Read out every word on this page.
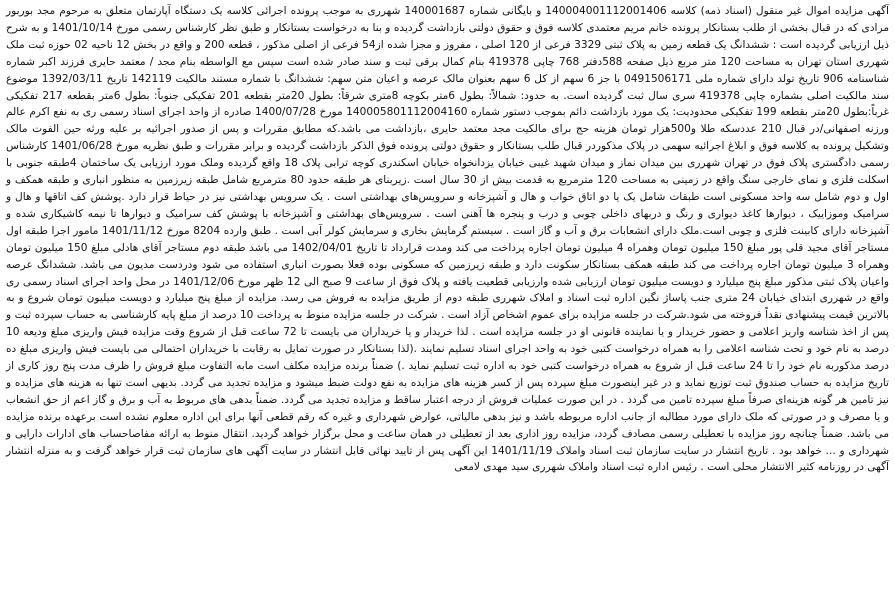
آگهی مزایده اموال غیر منقول (اسناد ذمه) کلاسه 140004001112001406 و بایگانی شماره 140001687 شهرری به موجب پرونده اجرائی کلاسه یک دستگاه آپارتمان متعلق به مرحوم مجد بوربور مرادی که در قبال بخشی از طلب بستانکار پرونده خانم مریم معتمدی کلاسه فوق و حقوق دولتی بازداشت گردیده و بنا به درخواست بستانکار و طبق نظر کارشناس رسمی مورخ 1401/10/14 و به شرح ذیل ارزیابی گردیده است : ششدانگ یک قطعه زمین به پلاک ثبتی 3329 فرعی از 120 اصلی ، مفروز و مجزا شده از54 فرعی از اصلی مذکور ، قطعه 200 و واقع در بخش 12 ناحیه 02 حوزه ثبت ملک شهرری استان تهران به مساحت 120 متر مربع ذیل صفحه 588دفتر 768 چاپی 419378 بنام کمال برقی ثبت و سند صادر شده است سپس مع الواسطه بنام مجد / معتمد حایری فرزند اکبر شماره شناسنامه 906 تاریخ تولد دارای شماره ملی 0491506171 با جز 6 سهم از کل 6 سهم بعنوان مالک عرصه و اعیان متن سهم: ششدانگ با شماره مستند مالکیت 142119 تاریخ 1392/03/11 موضوع سند مالکیت اصلی بشماره چاپی 419378 سری سال ثبت گردیده است. به حدود: شمالاً: بطول 6متر بکوچه 8متری شرقاً: بطول 20متر بقطعه 201 تفکیکی جنوباً: بطول 6متر بقطعه 217 تفکیکی غرباً:بطول 20متر بقطعه 199 تفکیکی محدودیت: یک مورد بازداشت دائم بموجب دستور شماره 140005801112004160 مورخ 1400/07/28 صادره از واحد اجرای اسناد رسمی ری به نفع اکرم عالم ورزنه اصفهانی/در قبال 210 عددسکه طلا و500هزار تومان هزینه حج برای مالکیت مجد معتمد حایری ،بازداشت می باشد.که مطابق مقررات و پس از صدور اجرائیه بر علیه ورثه حین الفوت مالک وتشکیل پرونده به کلاسه فوق و ابلاغ اجرائیه سهمی در پلاک مذکوردر قبال طلب بستانکار و حقوق دولتی پرونده فوق الذکر بازداشت گردیده و برابر مقررات و طبق نظریه مورخ 1401/06/28 کارشناس رسمی دادگستری پلاک فوق در تهران شهرری بین میدان نماز و میدان شهید غیبی خیابان یزدانخواه خیابان اسکندری کوچه ترابی پلاک 18 واقع گردیده وملک مورد ارزیابی یک ساختمان 4طبقه جنوبی با اسکلت فلزی و نمای خارجی سنگ واقع در زمینی به مساحت 120 مترمربع به قدمت بیش از 30 سال است .زیربنای هر طبقه حدود 80 مترمربع شامل طبقه زیرزمین به منظور انباری و طبقه همکف و اول و دوم شامل سه واحد مسکونی است طبقات شامل یک یا دو اتاق خواب و هال و آشپزخانه و سرویس‌های بهداشتی است . یک سرویس بهداشتی نیز در حیاط قرار دارد .پوشش کف اتاقها و هال و سرامیک وموزاییک ، دیوارها کاغذ دیواری و رنگ و دربهای داخلی چوبی و درب و پنجره ها آهنی است . سرویس‌های بهداشتی و آشپزخانه با پوشش کف سرامیک و دیوارها تا نیمه کاشیکاری شده و آشپزخانه دارای کابینت فلزی و چوبی است.ملک دارای انشعابات برق و آب و گاز است . سیستم گرمایش بخاری و سرمایش کولر آبی است . طبق وارده 8204 مورخ 1401/11/12 مامور اجرا طبقه اول مستاجر آقای مجید قلی پور مبلغ 150 میلیون تومان وهمراه 4 میلیون تومان اجاره پرداخت می کند ومدت قرارداد تا تاریخ 1402/04/01 می باشد طبقه دوم مستاجر آقای هادلی مبلغ 150 میلیون تومان وهمراه 3 میلیون تومان اجاره پرداخت می کند طبقه همکف بستانکار سکونت دارد و طبقه زیرزمین که مسکونی بوده فعلا بصورت انباری استفاده می شود ودردست مدیون می باشد. ششدانگ عرصه واعیان پلاک ثبتی مذکور مبلغ پنج میلیارد و دویست میلیون تومان ارزیابی شده وارزیابی قطعیت یافته و پلاک فوق از ساعت 9 صبح الی 12 ظهر مورخ 1401/12/06 در محل واحد اجرای اسناد رسمی ری واقع در شهرری ابتدای خیابان 24 متری جنب پاساژ نگین اداره ثبت اسناد و املاک شهرری طبقه دوم از طریق مزایده به فروش می رسد. مزایده از مبلغ پنج میلیارد و دویست میلیون تومان شروع و به بالاترین قیمت پیشنهادی نقداً فروخته می شود.شرکت در جلسه مزایده برای عموم اشخاص آزاد است . شرکت در جلسه مزایده منوط به پرداخت 10 درصد از مبلغ پایه کارشناسی به حساب سپرده ثبت و پس از اخذ شناسه واریز اعلامی و حضور خریدار و یا نماینده قانونی او در جلسه مزایده است . لذا خریدار و یا خریداران می بایست تا 72 ساعت قبل از شروع وقت مزایده فیش واریزی مبلغ ودیعه 10 درصد به نام خود و تحت شناسه اعلامی را به همراه درخواست کتبی خود به واحد اجرای اسناد تسلیم نمایند .(لذا بستانکار در صورت تمایل به رقابت با خریداران احتمالی می بایست فیش واریزی مبلغ ده درصد مذکوربه نام خود را تا 24 ساعت قبل از شروع به همراه درخواست کتبی خود به اداره ثبت تسلیم نماید .) ضمناً برنده مزایده مکلف است مابه التفاوت مبلغ فروش را ظرف مدت پنج روز کاری از تاریخ مزایده به حساب صندوق ثبت توزیع نماید و در غیر اینصورت مبلغ سپرده پس از کسر هزینه های مزایده به نفع دولت ضبط میشود و مزایده تجدید می گردد. بدیهی است تنها به هزینه های مزایده و نیز تامین هر گونه هزینه‌ای صرفاً مبلغ سپرده تامین می گردد . در این صورت عملیات فروش از درجه اعتبار ساقط و مزایده تجدید می گردد. ضمناً بدهی های مربوط به آب و برق و گاز اعم از حق انشعاب و یا مصرف و در صورتی که ملک دارای مورد مطالبه از جانب اداره مربوطه باشد و نیز بدهی مالیاتی، عوارض شهرداری و غیره که رقم قطعی آنها برای این اداره معلوم نشده است برعهده برنده مزایده می باشد. ضمناً چنانچه روز مزایده با تعطیلی رسمی مصادف گردد، مزایده روز اداری بعد از تعطیلی در همان ساعت و محل برگزار خواهد گردید. انتقال منوط به ارائه مفاصاحساب های ادارات دارایی و شهرداری و ... خواهد بود . تاریخ انتشار در سایت سازمان ثبت اسناد واملاک 1401/11/19 این آگهی پس از تایید نهائی قابل انتشار در سایت آگهی های سازمان ثبت قرار خواهد گرفت و به منزله انتشار آگهی در روزنامه کثیر الانتشار محلی است . رئیس اداره ثبت اسناد واملاک شهرری سید مهدی لامعی
